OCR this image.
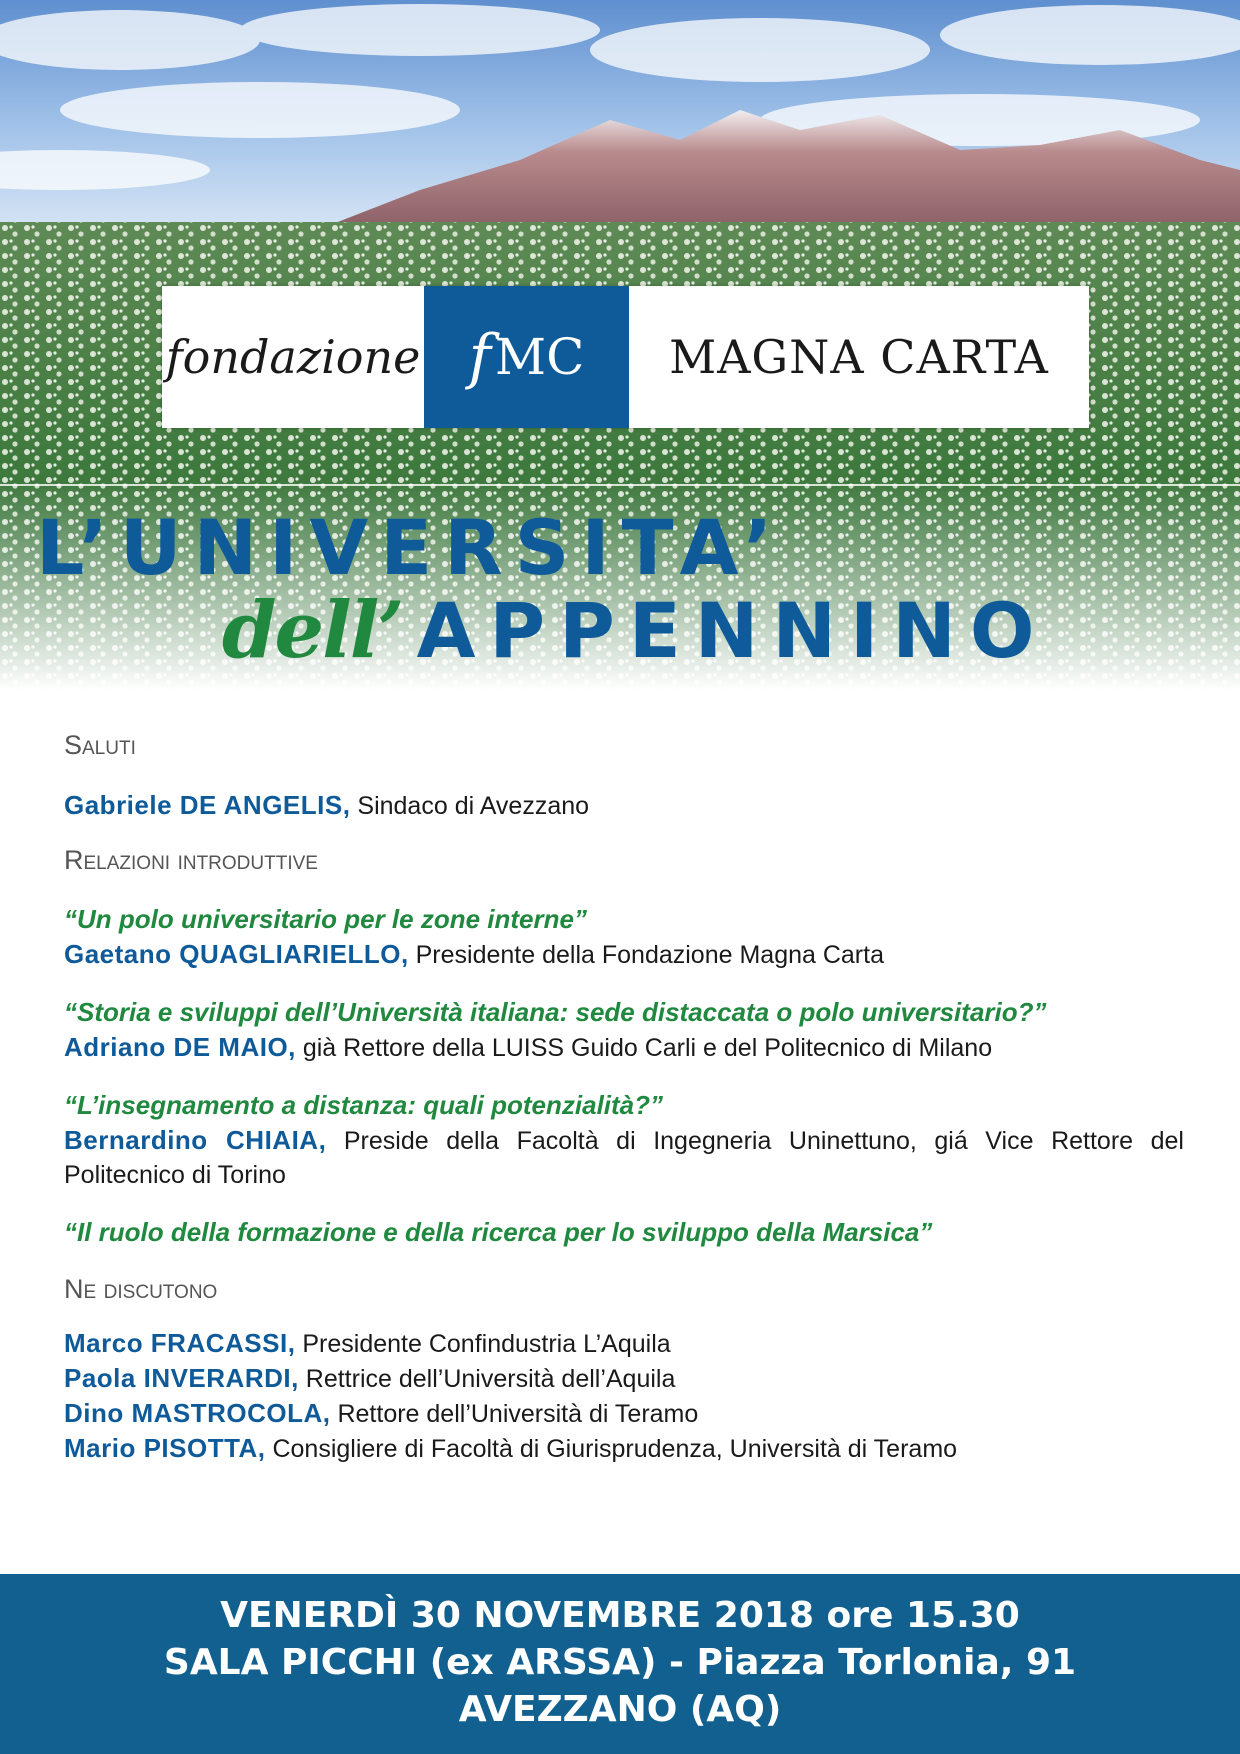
fondazione f MC	MAGNA CARTA
L’UNIVERSITA’
dell’ APPENNINO

Saluti

Gabriele DE ANGELIS, Sindaco di Avezzano

Relazioni introduttive

“Un polo universitario per le zone interne”

Gaetano QUAGLIARIELLO, Presidente della Fondazione Magna Carta

“Storia e sviluppi dell’Università italiana: sede distaccata o polo universitario?”

Adriano DE MAIO, già Rettore della LUISS Guido Carli e del Politecnico di Milano

“L’insegnamento a distanza: quali potenzialità?”

Bernardino CHIAIA, Preside della Facoltà di Ingegneria Uninettuno, giá Vice Rettore del Politecnico di Torino

“Il ruolo della formazione e della ricerca per lo sviluppo della Marsica”

Ne discutono

Marco FRACASSI, Presidente Confindustria L’Aquila

Paola INVERARDI, Rettrice dell’Università dell’Aquila

Dino MASTROCOLA, Rettore dell’Università di Teramo

Mario PISOTTA, Consigliere di Facoltà di Giurisprudenza, Università di Teramo

VENERDÌ 30 NOVEMBRE 2018 ore 15.30
SALA PICCHI (ex ARSSA) - Piazza Torlonia, 91
AVEZZANO (AQ)
